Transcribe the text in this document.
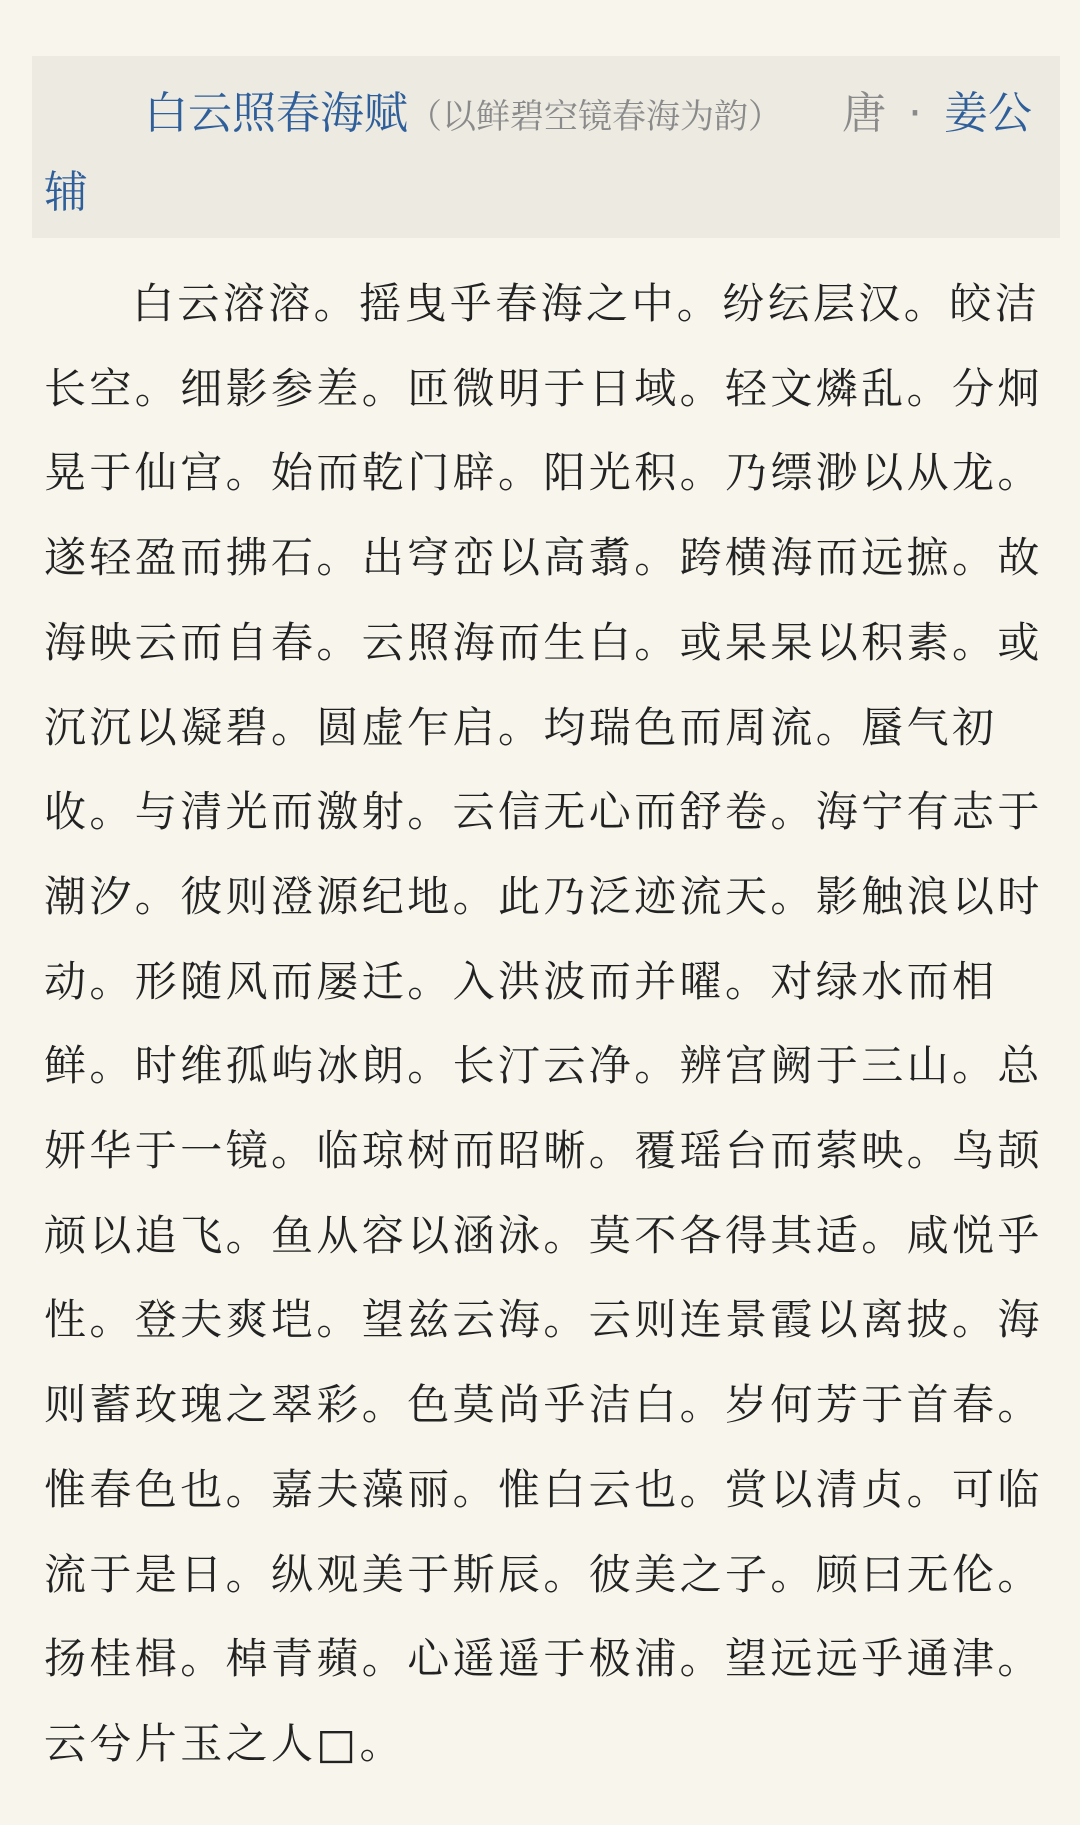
白云照春海赋（以鲜碧空镜春海为韵） 唐 · 姜公

辅

白云溶溶。摇曳乎春海之中。纷纭层汉。皎洁
长空。细影参差。匝微明于日域。轻文燐乱。分炯
晃于仙宫。始而乾门辟。阳光积。乃缥渺以从龙。
遂轻盈而拂石。出穹峦以高翥。跨横海而远摭。故
海映云而自春。云照海而生白。或杲杲以积素。或
沉沉以凝碧。圆虚乍启。均瑞色而周流。蜃气初
收。与清光而激射。云信无心而舒卷。海宁有志于
潮汐。彼则澄源纪地。此乃泛迹流天。影触浪以时
动。形随风而屡迁。入洪波而并曜。对绿水而相
鲜。时维孤屿冰朗。长汀云净。辨宫阙于三山。总
妍华于一镜。临琼树而昭晰。覆瑶台而萦映。鸟颉
颃以追飞。鱼从容以涵泳。莫不各得其适。咸悦乎
性。登夫爽垲。望兹云海。云则连景霞以离披。海
则蓄玫瑰之翠彩。色莫尚乎洁白。岁何芳于首春。
惟春色也。嘉夫藻丽。惟白云也。赏以清贞。可临
流于是日。纵观美于斯辰。彼美之子。顾曰无伦。
扬桂楫。棹青蘋。心遥遥于极浦。望远远乎通津。
云兮片玉之人□。
